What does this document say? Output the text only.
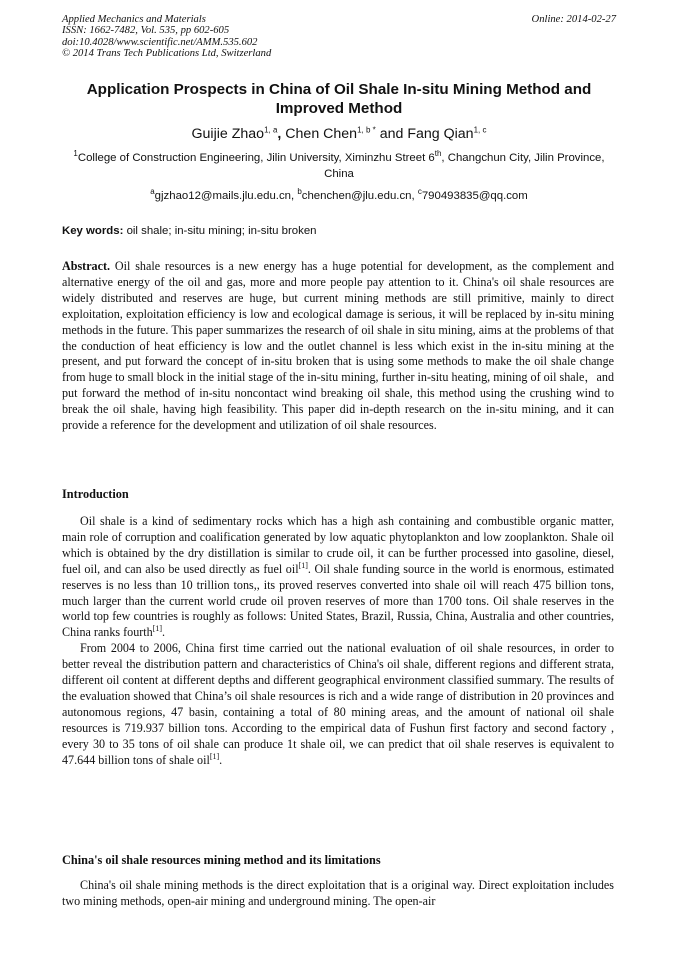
Applied Mechanics and Materials
ISSN: 1662-7482, Vol. 535, pp 602-605
doi:10.4028/www.scientific.net/AMM.535.602
© 2014 Trans Tech Publications Ltd, Switzerland
Online: 2014-02-27
Application Prospects in China of Oil Shale In-situ Mining Method and Improved Method
Guijie Zhao$^{1, a}$, Chen Chen$^{1, b *}$ and Fang Qian$^{1, c}$
$^1$College of Construction Engineering, Jilin University, Ximinzhu Street 6th, Changchun City, Jilin Province, China
$^a$gjzhao12@mails.jlu.edu.cn, $^b$chenchen@jlu.edu.cn, $^c$790493835@qq.com
Key words: oil shale; in-situ mining; in-situ broken
Abstract. Oil shale resources is a new energy has a huge potential for development, as the complement and alternative energy of the oil and gas, more and more people pay attention to it. China's oil shale resources are widely distributed and reserves are huge, but current mining methods are still primitive, mainly to direct exploitation, exploitation efficiency is low and ecological damage is serious, it will be replaced by in-situ mining methods in the future. This paper summarizes the research of oil shale in situ mining, aims at the problems of that the conduction of heat efficiency is low and the outlet channel is less which exist in the in-situ mining at the present, and put forward the concept of in-situ broken that is using some methods to make the oil shale change from huge to small block in the initial stage of the in-situ mining, further in-situ heating, mining of oil shale，and put forward the method of in-situ noncontact wind breaking oil shale, this method using the crushing wind to break the oil shale, having high feasibility. This paper did in-depth research on the in-situ mining, and it can provide a reference for the development and utilization of oil shale resources.
Introduction

Oil shale is a kind of sedimentary rocks which has a high ash containing and combustible organic matter, main role of corruption and coalification generated by low aquatic phytoplankton and low zooplankton. Shale oil which is obtained by the dry distillation is similar to crude oil, it can be further processed into gasoline, diesel, fuel oil, and can also be used directly as fuel oil[1]. Oil shale funding source in the world is enormous, estimated reserves is no less than 10 trillion tons,, its proved reserves converted into shale oil will reach 475 billion tons, much larger than the current world crude oil proven reserves of more than 1700 tons. Oil shale reserves in the world top few countries is roughly as follows: United States, Brazil, Russia, China, Australia and other countries, China ranks fourth[1].

From 2004 to 2006, China first time carried out the national evaluation of oil shale resources, in order to better reveal the distribution pattern and characteristics of China's oil shale, different regions and different strata, different oil content at different depths and different geographical environment classified summary. The results of the evaluation showed that China’s oil shale resources is rich and a wide range of distribution in 20 provinces and autonomous regions, 47 basin, containing a total of 80 mining areas, and the amount of national oil shale resources is 719.937 billion tons. According to the empirical data of Fushun first factory and second factory , every 30 to 35 tons of oil shale can produce 1t shale oil, we can predict that oil shale reserves is equivalent to 47.644 billion tons of shale oil[1].

China's oil shale resources mining method and its limitations

China's oil shale mining methods is the direct exploitation that is a original way. Direct exploitation includes two mining methods, open-air mining and underground mining. The open-air
